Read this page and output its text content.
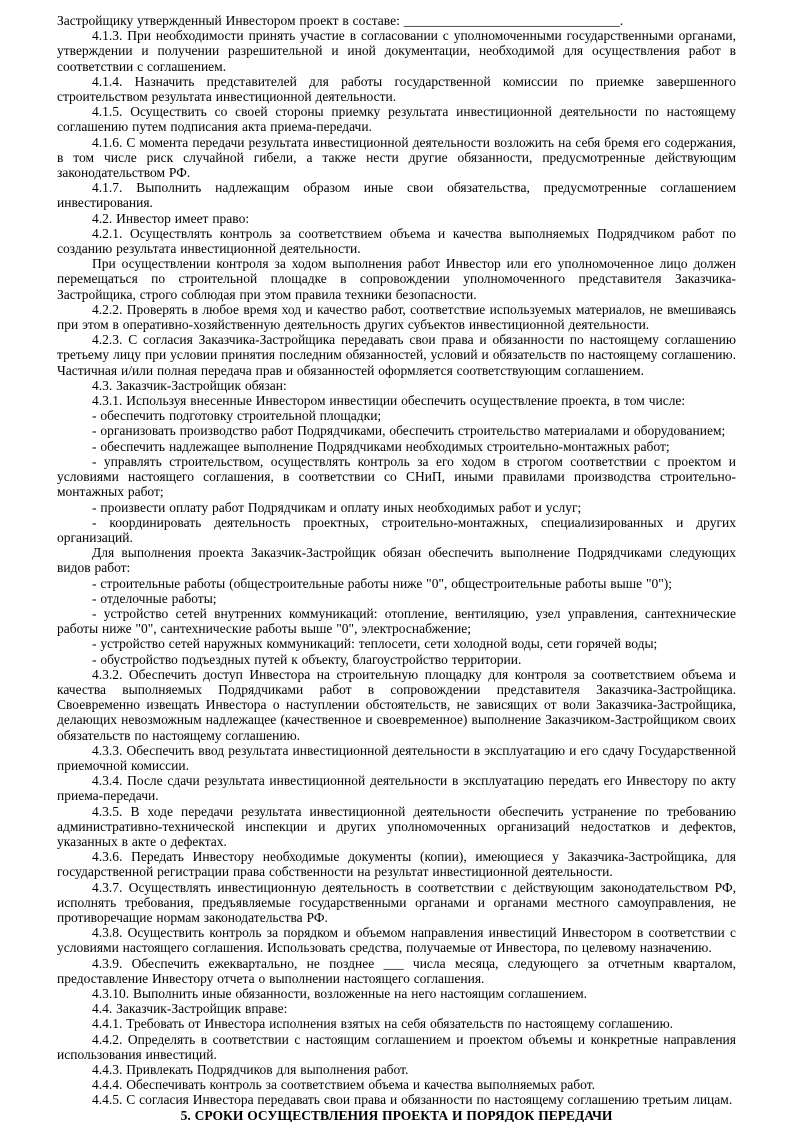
Застройщику утвержденный Инвестором проект в составе: ________________________________.

4.1.3. При необходимости принять участие в согласовании с уполномоченными государственными органами, утверждении и получении разрешительной и иной документации, необходимой для осуществления работ в соответствии с соглашением.

4.1.4. Назначить представителей для работы государственной комиссии по приемке завершенного строительством результата инвестиционной деятельности.

4.1.5. Осуществить со своей стороны приемку результата инвестиционной деятельности по настоящему соглашению путем подписания акта приема-передачи.

4.1.6. С момента передачи результата инвестиционной деятельности возложить на себя бремя его содержания, в том числе риск случайной гибели, а также нести другие обязанности, предусмотренные действующим законодательством РФ.

4.1.7. Выполнить надлежащим образом иные свои обязательства, предусмотренные соглашением инвестирования.

4.2. Инвестор имеет право:

4.2.1. Осуществлять контроль за соответствием объема и качества выполняемых Подрядчиком работ по созданию результата инвестиционной деятельности.

При осуществлении контроля за ходом выполнения работ Инвестор или его уполномоченное лицо должен перемещаться по строительной площадке в сопровождении уполномоченного представителя Заказчика-Застройщика, строго соблюдая при этом правила техники безопасности.

4.2.2. Проверять в любое время ход и качество работ, соответствие используемых материалов, не вмешиваясь при этом в оперативно-хозяйственную деятельность других субъектов инвестиционной деятельности.

4.2.3. С согласия Заказчика-Застройщика передавать свои права и обязанности по настоящему соглашению третьему лицу при условии принятия последним обязанностей, условий и обязательств по настоящему соглашению. Частичная и/или полная передача прав и обязанностей оформляется соответствующим соглашением.

4.3. Заказчик-Застройщик обязан:

4.3.1. Используя внесенные Инвестором инвестиции обеспечить осуществление проекта, в том числе:

- обеспечить подготовку строительной площадки;

- организовать производство работ Подрядчиками, обеспечить строительство материалами и оборудованием;

- обеспечить надлежащее выполнение Подрядчиками необходимых строительно-монтажных работ;

- управлять строительством, осуществлять контроль за его ходом в строгом соответствии с проектом и условиями настоящего соглашения, в соответствии со СНиП, иными правилами производства строительно-монтажных работ;

- произвести оплату работ Подрядчикам и оплату иных необходимых работ и услуг;

- координировать деятельность проектных, строительно-монтажных, специализированных и других организаций.

Для выполнения проекта Заказчик-Застройщик обязан обеспечить выполнение Подрядчиками следующих видов работ:

- строительные работы (общестроительные работы ниже "0", общестроительные работы выше "0");

- отделочные работы;

- устройство сетей внутренних коммуникаций: отопление, вентиляцию, узел управления, сантехнические работы ниже "0", сантехнические работы выше "0", электроснабжение;

- устройство сетей наружных коммуникаций: теплосети, сети холодной воды, сети горячей воды;

- обустройство подъездных путей к объекту, благоустройство территории.

4.3.2. Обеспечить доступ Инвестора на строительную площадку для контроля за соответствием объема и качества выполняемых Подрядчиками работ в сопровождении представителя Заказчика-Застройщика. Своевременно извещать Инвестора о наступлении обстоятельств, не зависящих от воли Заказчика-Застройщика, делающих невозможным надлежащее (качественное и своевременное) выполнение Заказчиком-Застройщиком своих обязательств по настоящему соглашению.

4.3.3. Обеспечить ввод результата инвестиционной деятельности в эксплуатацию и его сдачу Государственной приемочной комиссии.

4.3.4. После сдачи результата инвестиционной деятельности в эксплуатацию передать его Инвестору по акту приема-передачи.

4.3.5. В ходе передачи результата инвестиционной деятельности обеспечить устранение по требованию административно-технической инспекции и других уполномоченных организаций недостатков и дефектов, указанных в акте о дефектах.

4.3.6. Передать Инвестору необходимые документы (копии), имеющиеся у Заказчика-Застройщика, для государственной регистрации права собственности на результат инвестиционной деятельности.

4.3.7. Осуществлять инвестиционную деятельность в соответствии с действующим законодательством РФ, исполнять требования, предъявляемые государственными органами и органами местного самоуправления, не противоречащие нормам законодательства РФ.

4.3.8. Осуществить контроль за порядком и объемом направления инвестиций Инвестором в соответствии с условиями настоящего соглашения. Использовать средства, получаемые от Инвестора, по целевому назначению.

4.3.9. Обеспечить ежеквартально, не позднее ___ числа месяца, следующего за отчетным кварталом, предоставление Инвестору отчета о выполнении настоящего соглашения.

4.3.10. Выполнить иные обязанности, возложенные на него настоящим соглашением.

4.4. Заказчик-Застройщик вправе:

4.4.1. Требовать от Инвестора исполнения взятых на себя обязательств по настоящему соглашению.

4.4.2. Определять в соответствии с настоящим соглашением и проектом объемы и конкретные направления использования инвестиций.

4.4.3. Привлекать Подрядчиков для выполнения работ.

4.4.4. Обеспечивать контроль за соответствием объема и качества выполняемых работ.

4.4.5. С согласия Инвестора передавать свои права и обязанности по настоящему соглашению третьим лицам.

5. СРОКИ ОСУЩЕСТВЛЕНИЯ ПРОЕКТА И ПОРЯДОК ПЕРЕДАЧИ
